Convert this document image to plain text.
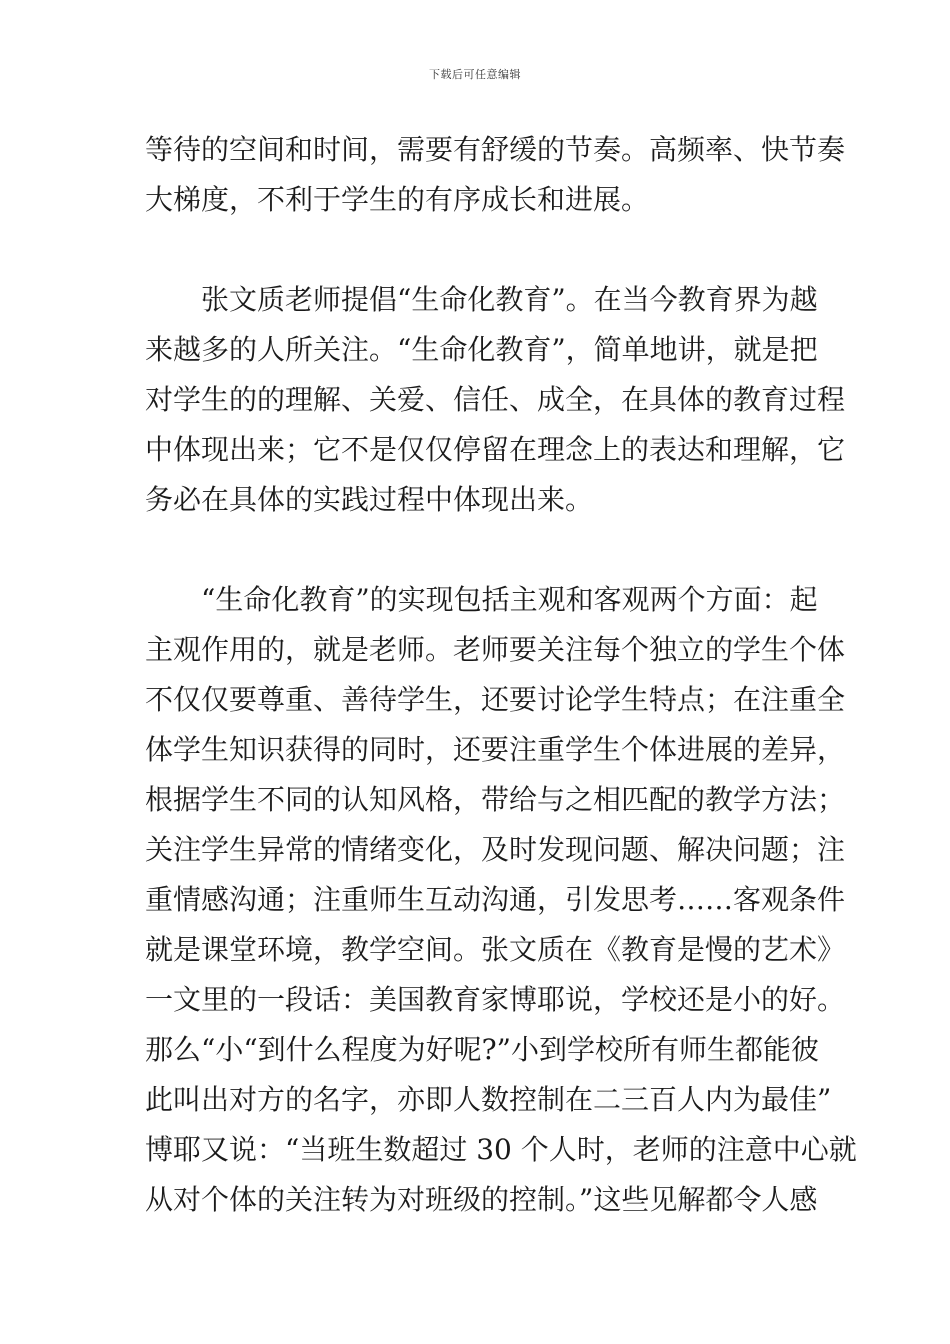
下载后可任意编辑
等待的空间和时间，需要有舒缓的节奏。高频率、快节奏
大梯度，不利于学生的有序成长和进展。
张文质老师提倡“生命化教育”。在当今教育界为越
来越多的人所关注。“生命化教育”，简单地讲，就是把
对学生的的理解、关爱、信任、成全，在具体的教育过程
中体现出来；它不是仅仅停留在理念上的表达和理解，它
务必在具体的实践过程中体现出来。
“生命化教育”的实现包括主观和客观两个方面：起
主观作用的，就是老师。老师要关注每个独立的学生个体
不仅仅要尊重、善待学生，还要讨论学生特点；在注重全
体学生知识获得的同时，还要注重学生个体进展的差异，
根据学生不同的认知风格，带给与之相匹配的教学方法；
关注学生异常的情绪变化，及时发现问题、解决问题；注
重情感沟通；注重师生互动沟通，引发思考……客观条件
就是课堂环境，教学空间。张文质在《教育是慢的艺术》
一文里的一段话：美国教育家博耶说，学校还是小的好。
那么“小“到什么程度为好呢?”小到学校所有师生都能彼
此叫出对方的名字，亦即人数控制在二三百人内为最佳”
博耶又说：“当班生数超过 30 个人时，老师的注意中心就
从对个体的关注转为对班级的控制。”这些见解都令人感
